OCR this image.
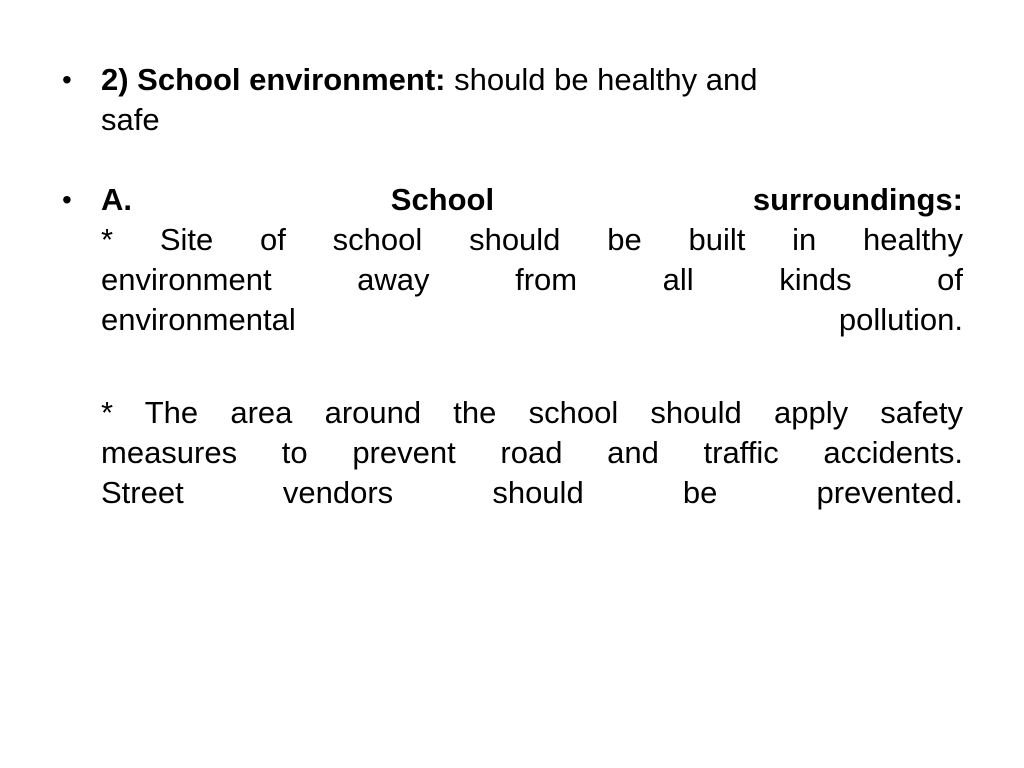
• 2) School environment: should be healthy and
safe
• A.	School	surroundings:
* Site of school should be built in healthy
environment away from all kinds of
environmental	pollution.
* The area around the school should apply safety
measures to prevent road and traffic accidents.
Street vendors should be prevented.
